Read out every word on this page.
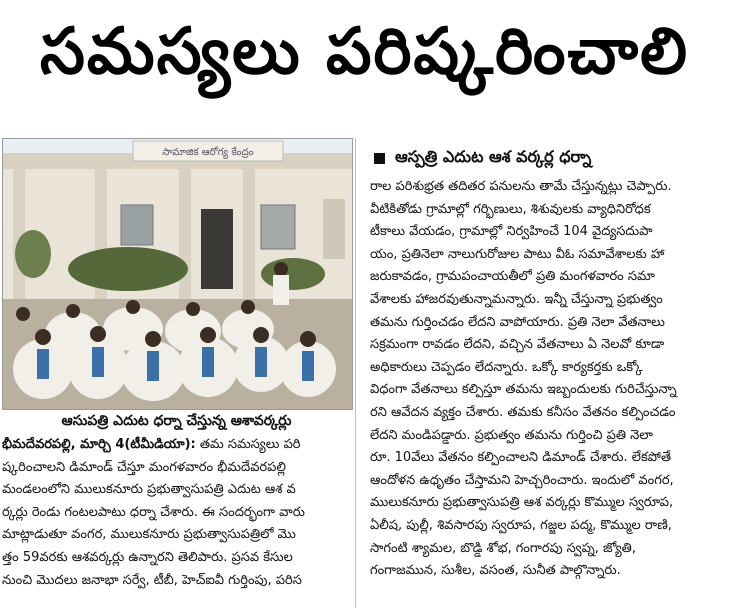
సమస్యలు పరిష్కరించాలి
సామాజిక ఆరోగ్య కేంద్రం
ఆసుపత్రి ఎదుట ధర్నా చేస్తున్న ఆశావర్కర్లు
ఆస్పత్రి ఎదుట ఆశ వర్కర్ల ధర్నా
భీమదేవరపల్లి, మార్చి 4(టీమీడియా): తమ సమస్యలు పరి
ష్కరించాలని డిమాండ్ చేస్తూ మంగళవారం భీమదేవరపల్లి
మండలంలోని ములుకనూరు ప్రభుత్వాసుపత్రి ఎదుట ఆశ వ
ర్కర్లు రెండు గంటలపాటు ధర్నా చేశారు. ఈ సందర్భంగా వారు
మాట్లాడుతూ వంగర, ములుకనూరు ప్రభుత్వాసుపత్రిలో మొ
త్తం 59వరకు ఆశవర్కర్లు ఉన్నారని తెలిపారు. ప్రసవ కేసుల
నుంచి మొదలు జనాభా సర్వే, టీబీ, హెచ్ఐవీ గుర్తింపు, పరిస
రాల పరిశుభ్రత తదితర పనులను తామే చేస్తున్నట్లు చెప్పారు.
వీటికితోడు గ్రామాల్లో గర్భిణులు, శిశువులకు వ్యాధినిరోధక
టీకాలు వేయడం, గ్రామాల్లో నిర్వహించే 104 వైద్యసదుపా
యం, ప్రతినెలా నాలుగురోజుల పాటు వీఓ సమావేశాలకు హా
జరుకావడం, గ్రామపంచాయతీలో ప్రతి మంగళవారం సమా
వేశాలకు హాజరవుతున్నామన్నారు. ఇన్నీ చేస్తున్నా ప్రభుత్వం
తమను గుర్తించడం లేదని వాపోయారు. ప్రతి నెలా వేతనాలు
సక్రమంగా రావడం లేదని, వచ్చిన వేతనాలు ఏ నెలవో కూడా
అధికారులు చెప్పడం లేదన్నారు. ఒక్కో కార్యకర్తకు ఒక్కో
విధంగా వేతనాలు కల్పిస్తూ తమను ఇబ్బందులకు గురిచేస్తున్నా
రని ఆవేదన వ్యక్తం చేశారు. తమకు కనీసం వేతనం కల్పించడం
లేదని మండిపడ్డారు. ప్రభుత్వం తమను గుర్తించి ప్రతి నెలా
రూ. 10వేలు వేతనం కల్పించాలని డిమాండ్ చేశారు. లేకపోతే
ఆందోళన ఉధృతం చేస్తామని హెచ్చరించారు. ఇందులో వంగర,
ములుకనూరు ప్రభుత్వాసుపత్రి ఆశ వర్కర్లు కొమ్ముల స్వరూప,
ఏలీష, పుల్లీ, శివసారపు స్వరూప, గజ్జల పద్మ, కొమ్ముల రాణి,
సాగంటి శ్యామల, బొడ్డి శోభ, గంగారపు స్వప్న, జ్యోతి,
గంగాజమున, సుశీల, వసంత, సునీత పాల్గొన్నారు.
